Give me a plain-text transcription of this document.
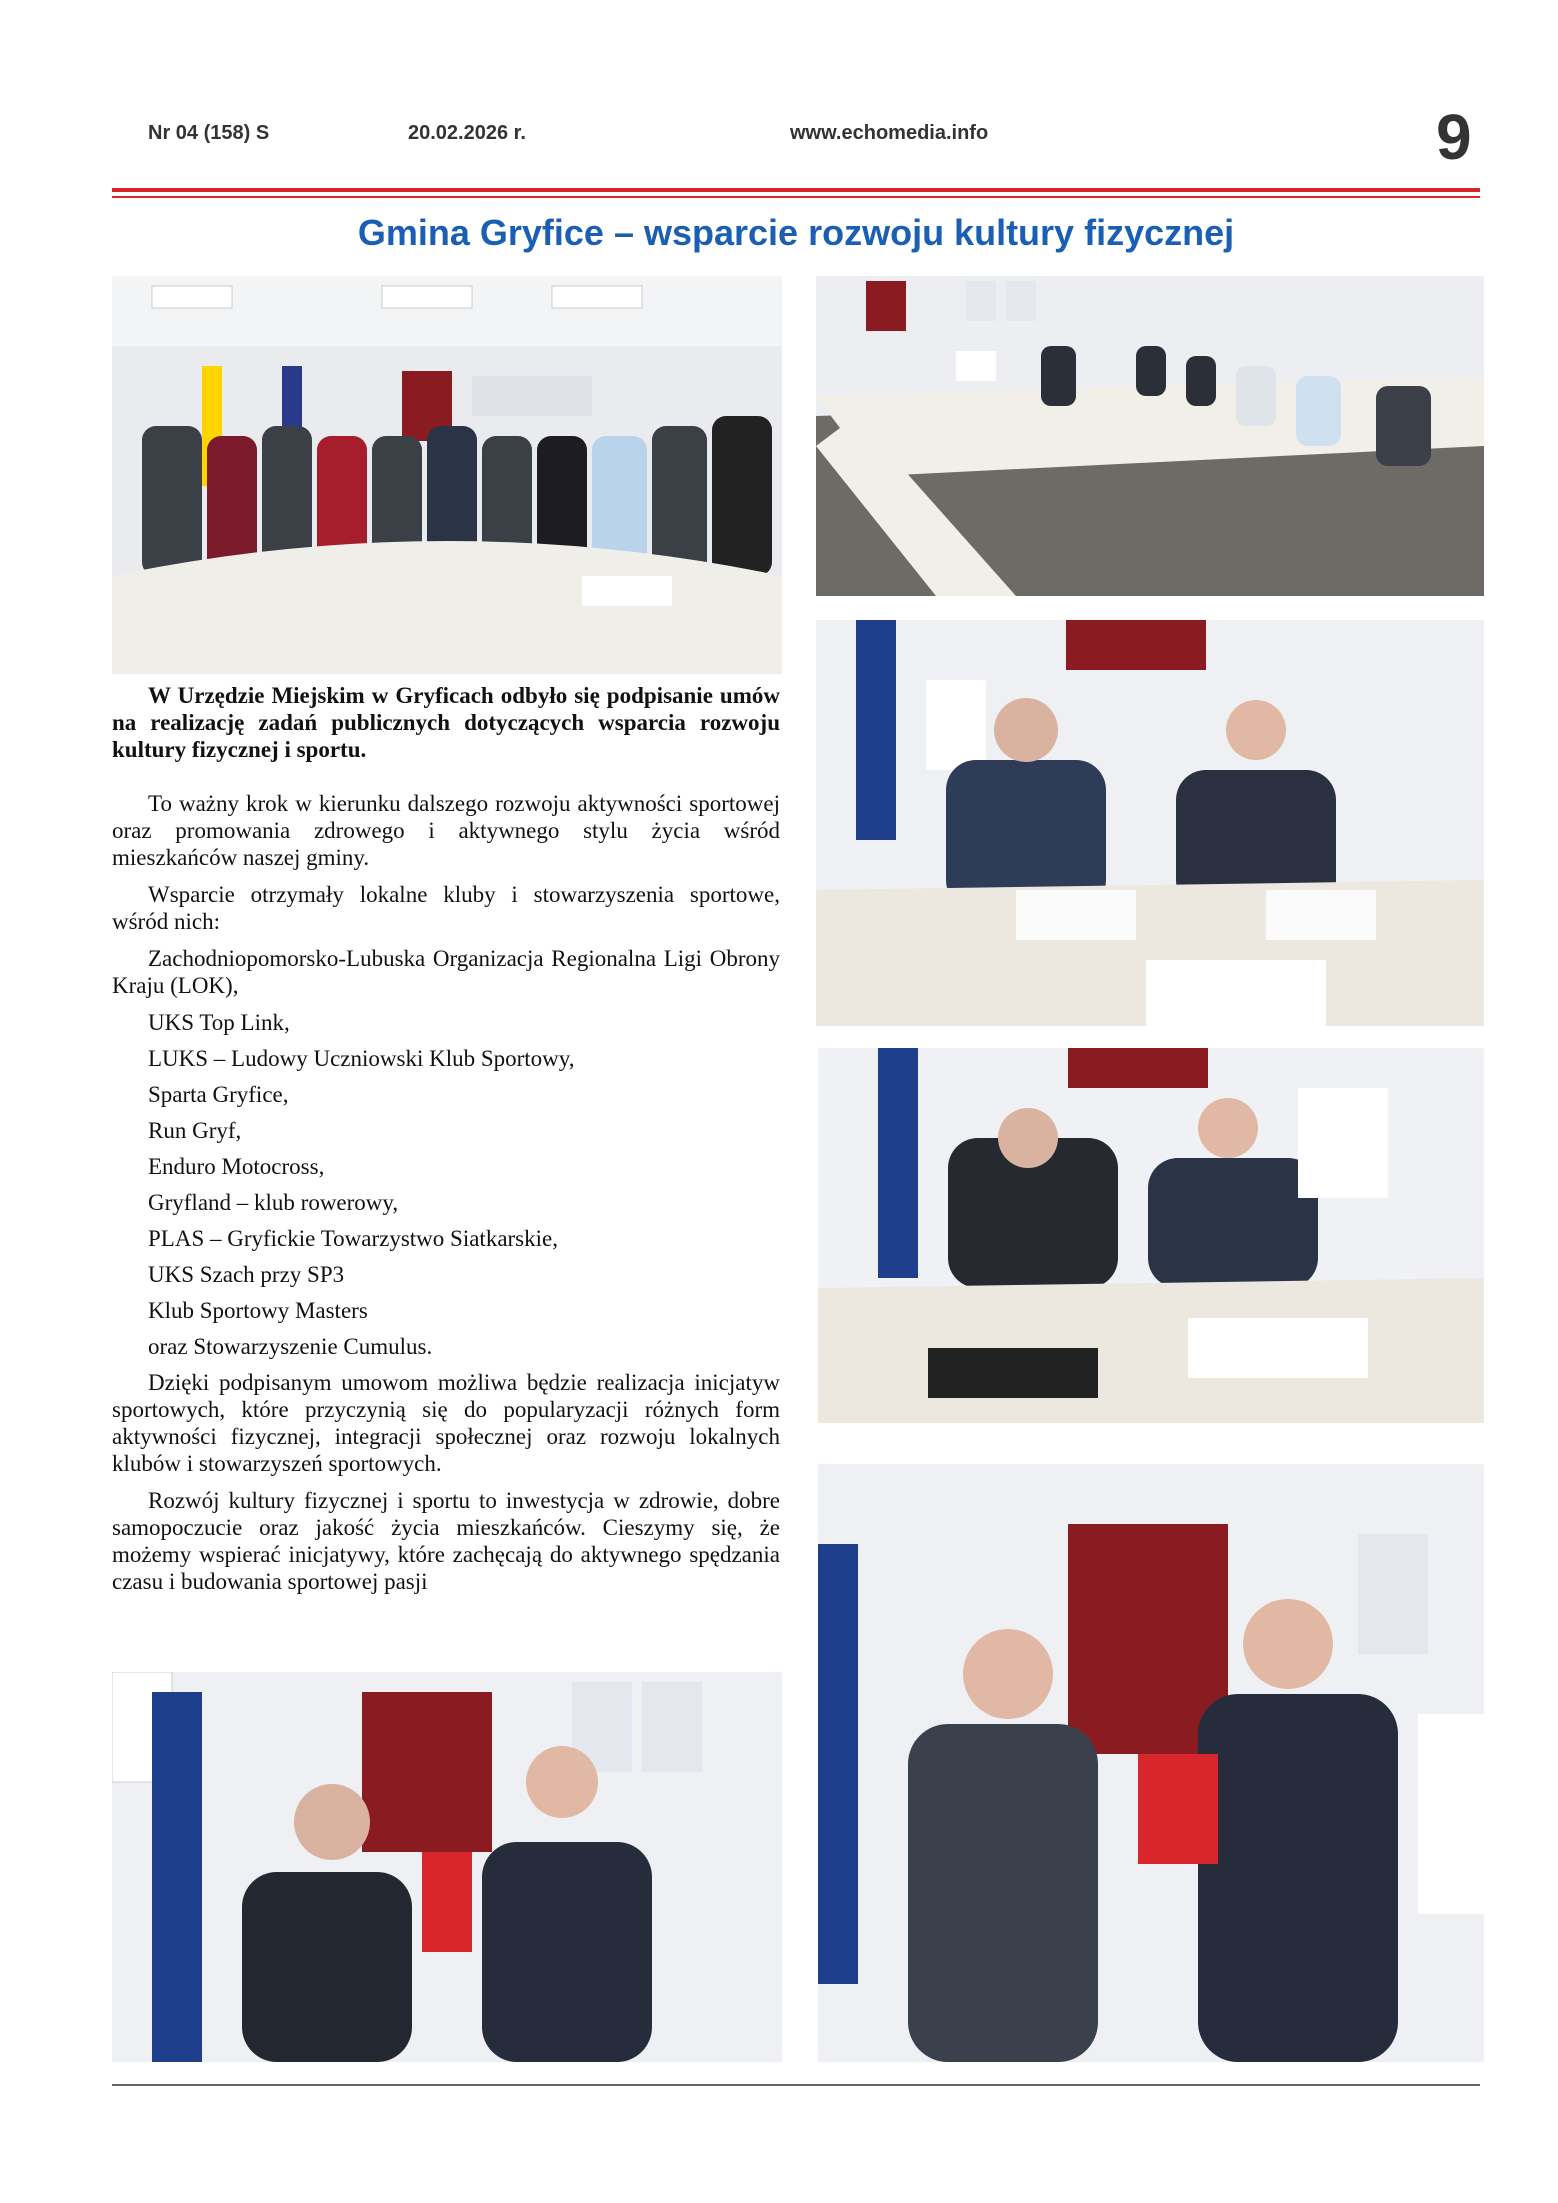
Nr 04 (158) S	20.02.2026 r.	www.echomedia.info	9
Gmina Gryfice – wsparcie rozwoju kultury fizycznej

W Urzędzie Miejskim w Gryficach odbyło się podpisanie umów na realizację zadań publicznych dotyczących wsparcia rozwoju kultury fizycznej i sportu.

To ważny krok w kierunku dalszego rozwoju aktywności sportowej oraz promowania zdrowego i aktywnego stylu życia wśród mieszkańców naszej gminy.

Wsparcie otrzymały lokalne kluby i stowarzyszenia sportowe, wśród nich:

Zachodniopomorsko-Lubuska Organizacja Regionalna Ligi Obrony Kraju (LOK),

UKS Top Link,

LUKS – Ludowy Uczniowski Klub Sportowy,

Sparta Gryfice,

Run Gryf,

Enduro Motocross,

Gryfland – klub rowerowy,

PLAS – Gryfickie Towarzystwo Siatkarskie,

UKS Szach przy SP3

Klub Sportowy Masters

oraz Stowarzyszenie Cumulus.

Dzięki podpisanym umowom możliwa będzie realizacja inicjatyw sportowych, które przyczynią się do popularyzacji różnych form aktywności fizycznej, integracji społecznej oraz rozwoju lokalnych klubów i stowarzyszeń sportowych.

Rozwój kultury fizycznej i sportu to inwestycja w zdrowie, dobre samopoczucie oraz jakość życia mieszkańców. Cieszymy się, że możemy wspierać inicjatywy, które zachęcają do aktywnego spędzania czasu i budowania sportowej pasji
